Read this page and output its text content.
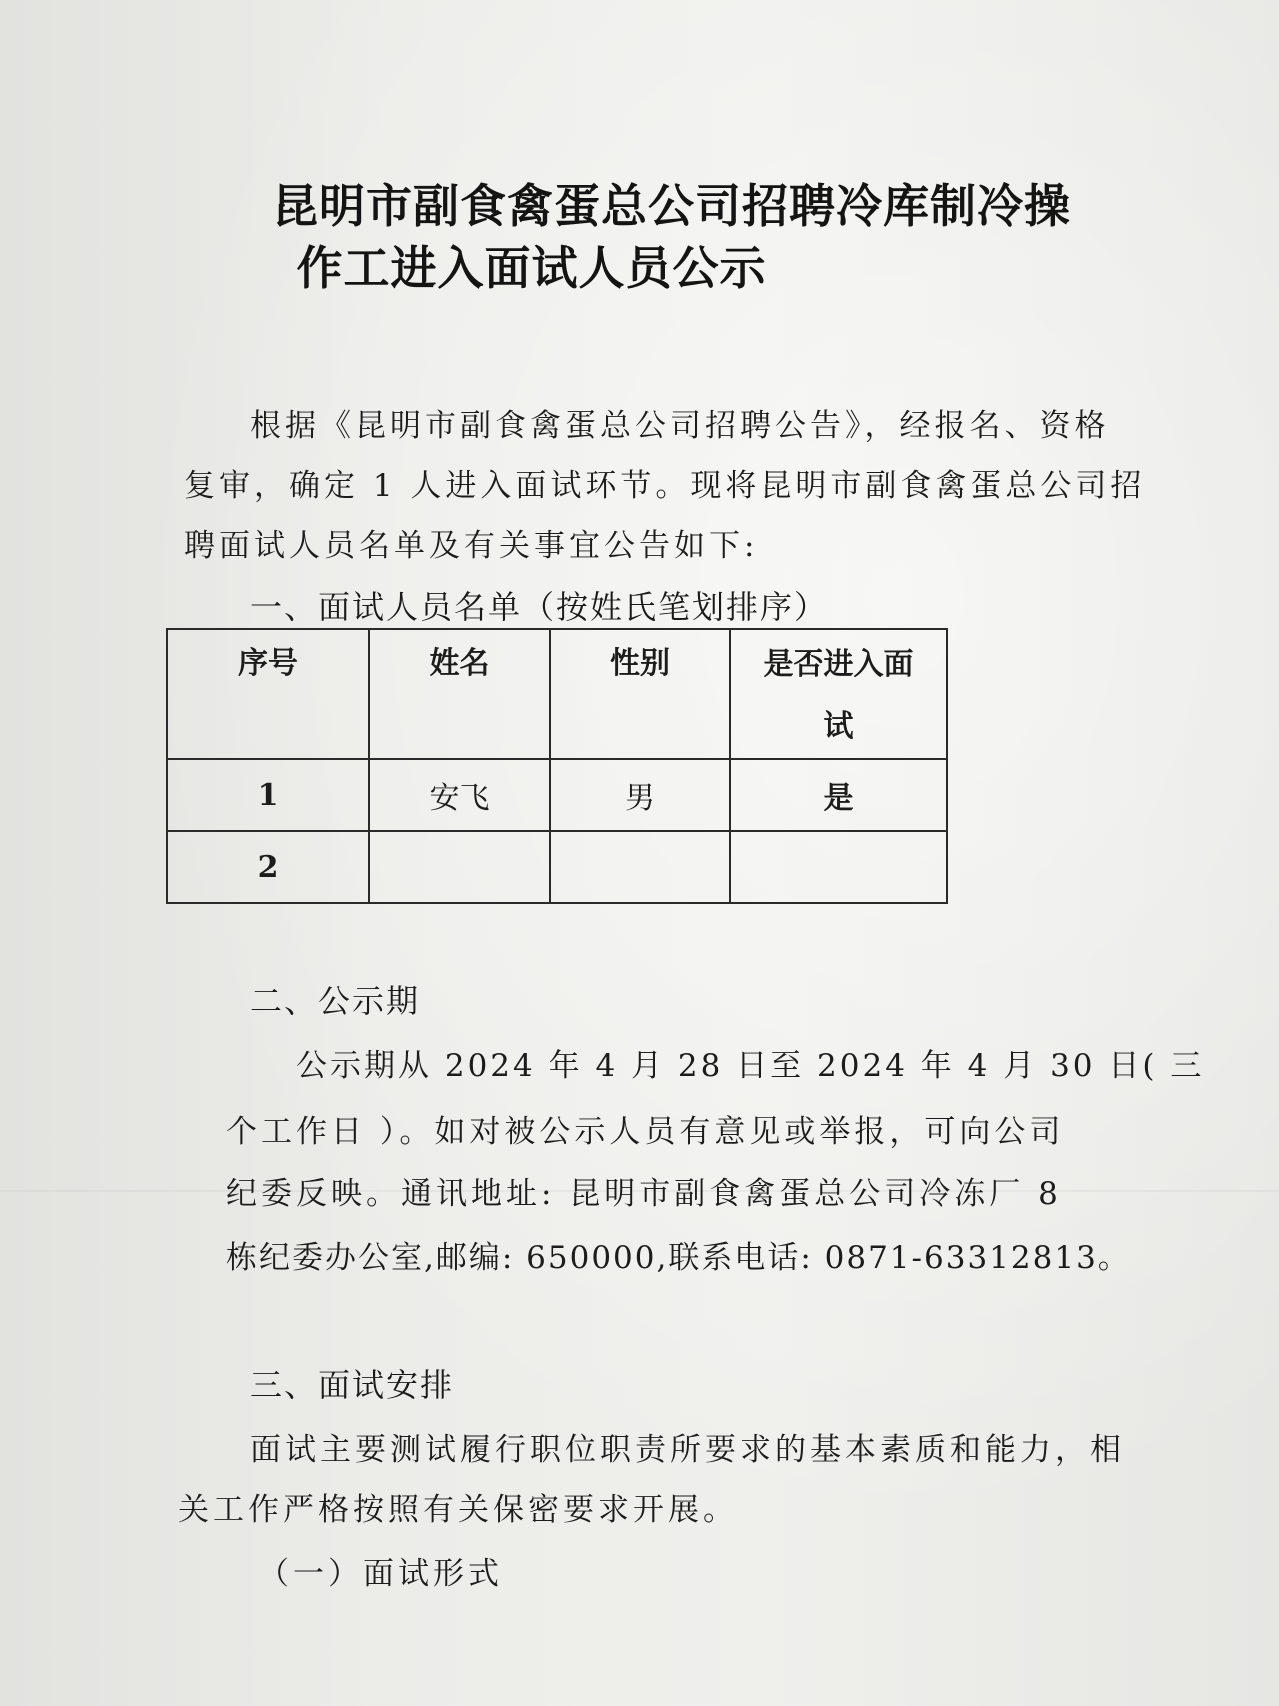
昆明市副食禽蛋总公司招聘冷库制冷操
作工进入面试人员公示
根据《昆明市副食禽蛋总公司招聘公告》，经报名、资格
复审，确定 1 人进入面试环节。现将昆明市副食禽蛋总公司招
聘面试人员名单及有关事宜公告如下:
一、面试人员名单（按姓氏笔划排序）
序号	姓名	性别	是否进入面试
1	安飞	男	是
2			
二、公示期
公示期从 2024 年 4 月 28 日至 2024 年 4 月 30 日( 三
个工作日 ）。如对被公示人员有意见或举报，可向公司
纪委反映。通讯地址: 昆明市副食禽蛋总公司冷冻厂 8
栋纪委办公室,邮编: 650000,联系电话: 0871-63312813。
三、面试安排
面试主要测试履行职位职责所要求的基本素质和能力，相
关工作严格按照有关保密要求开展。
（一）面试形式
